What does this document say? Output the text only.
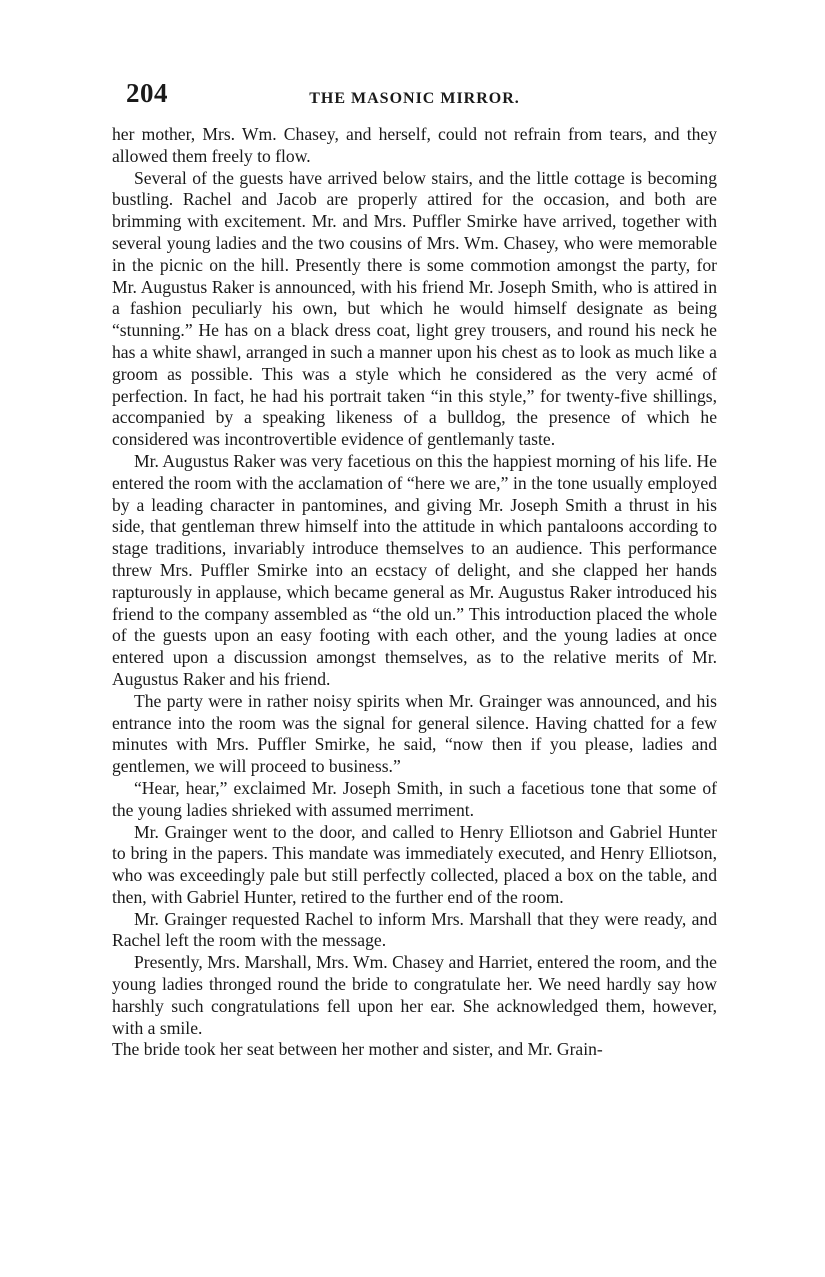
204	THE MASONIC MIRROR.

her mother, Mrs. Wm. Chasey, and herself, could not refrain from tears, and they allowed them freely to flow.

Several of the guests have arrived below stairs, and the little cottage is becoming bustling. Rachel and Jacob are properly attired for the occasion, and both are brimming with excitement. Mr. and Mrs. Puffler Smirke have arrived, together with several young ladies and the two cousins of Mrs. Wm. Chasey, who were memorable in the picnic on the hill. Presently there is some commotion amongst the party, for Mr. Augustus Raker is announced, with his friend Mr. Joseph Smith, who is attired in a fashion peculiarly his own, but which he would himself designate as being “stunning.” He has on a black dress coat, light grey trousers, and round his neck he has a white shawl, arranged in such a manner upon his chest as to look as much like a groom as possible. This was a style which he considered as the very acmé of perfection. In fact, he had his portrait taken “in this style,” for twenty-five shillings, accompanied by a speaking likeness of a bulldog, the presence of which he considered was incontrovertible evidence of gentlemanly taste.

Mr. Augustus Raker was very facetious on this the happiest morning of his life. He entered the room with the acclamation of “here we are,” in the tone usually employed by a leading character in pantomines, and giving Mr. Joseph Smith a thrust in his side, that gentleman threw himself into the attitude in which pantaloons according to stage traditions, invariably introduce themselves to an audience. This performance threw Mrs. Puffler Smirke into an ecstacy of delight, and she clapped her hands rapturously in applause, which became general as Mr. Augustus Raker introduced his friend to the company assembled as “the old un.” This introduction placed the whole of the guests upon an easy footing with each other, and the young ladies at once entered upon a discussion amongst themselves, as to the relative merits of Mr. Augustus Raker and his friend.

The party were in rather noisy spirits when Mr. Grainger was announced, and his entrance into the room was the signal for general silence. Having chatted for a few minutes with Mrs. Puffler Smirke, he said, “now then if you please, ladies and gentlemen, we will proceed to business.”

“Hear, hear,” exclaimed Mr. Joseph Smith, in such a facetious tone that some of the young ladies shrieked with assumed merriment.

Mr. Grainger went to the door, and called to Henry Elliotson and Gabriel Hunter to bring in the papers. This mandate was immediately executed, and Henry Elliotson, who was exceedingly pale but still perfectly collected, placed a box on the table, and then, with Gabriel Hunter, retired to the further end of the room.

Mr. Grainger requested Rachel to inform Mrs. Marshall that they were ready, and Rachel left the room with the message.

Presently, Mrs. Marshall, Mrs. Wm. Chasey and Harriet, entered the room, and the young ladies thronged round the bride to congratulate her. We need hardly say how harshly such congratulations fell upon her ear. She acknowledged them, however, with a smile.

The bride took her seat between her mother and sister, and Mr. Grain-
